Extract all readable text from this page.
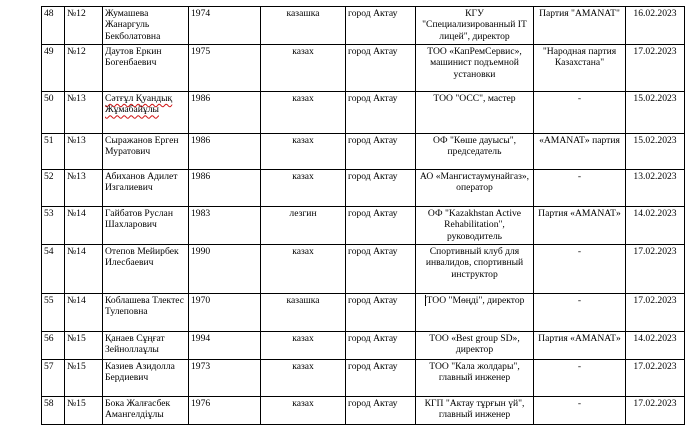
48	№12	Жумашева Жанаргуль Бекболатовна	1974	казашка	город Актау	КГУ "Специализированный IT лицей", директор	Партия "AMANAT"	16.02.2023
49	№12	Даутов Еркин Богенбаевич	1975	казах	город Актау	ТОО «КапРемСервис», машинист подъемной установки	"Народная партия Казахстана"	17.02.2023
50	№13	Сәтғұл Қуандық Жұмабайұлы	1986	казах	город Актау	ТОО "ОСС", мастер	-	15.02.2023
51	№13	Сыражанов Ерген Муратович	1986	казах	город Актау	ОФ "Көше дауысы", председатель	«AMANAT» партия	15.02.2023
52	№13	Абиханов Адилет Изгалиевич	1986	казах	город Актау	АО «Мангистаумунайгаз», оператор	-	13.02.2023
53	№14	Гайбатов Руслан Шахларович	1983	лезгин	город Актау	ОФ "Kazakhstan Active Rehabilitation", руководитель	Партия «AMANAT»	14.02.2023
54	№14	Отепов Мейирбек Илесбаевич	1990	казах	город Актау	Спортивный клуб для инвалидов, спортивный инструктор	-	17.02.2023
55	№14	Коблашева Тлектес Тулеповна	1970	казашка	город Актау	ТОО "Мөңді", директор	-	17.02.2023
56	№15	Қанаев Сұңғат Зейноллаұлы	1994	казах	город Актау	ТОО «Best group SD», директор	Партия «AMANAT»	14.02.2023
57	№15	Казиев Азидолла Бердиевич	1973	казах	город Актау	ТОО "Кала жолдары", главный инженер	-	17.02.2023
58	№15	Бока Жалғасбек Амангелдіұлы	1976	казах	город Актау	КГП "Актау тұрғын үй", главный инженер	-	17.02.2023
